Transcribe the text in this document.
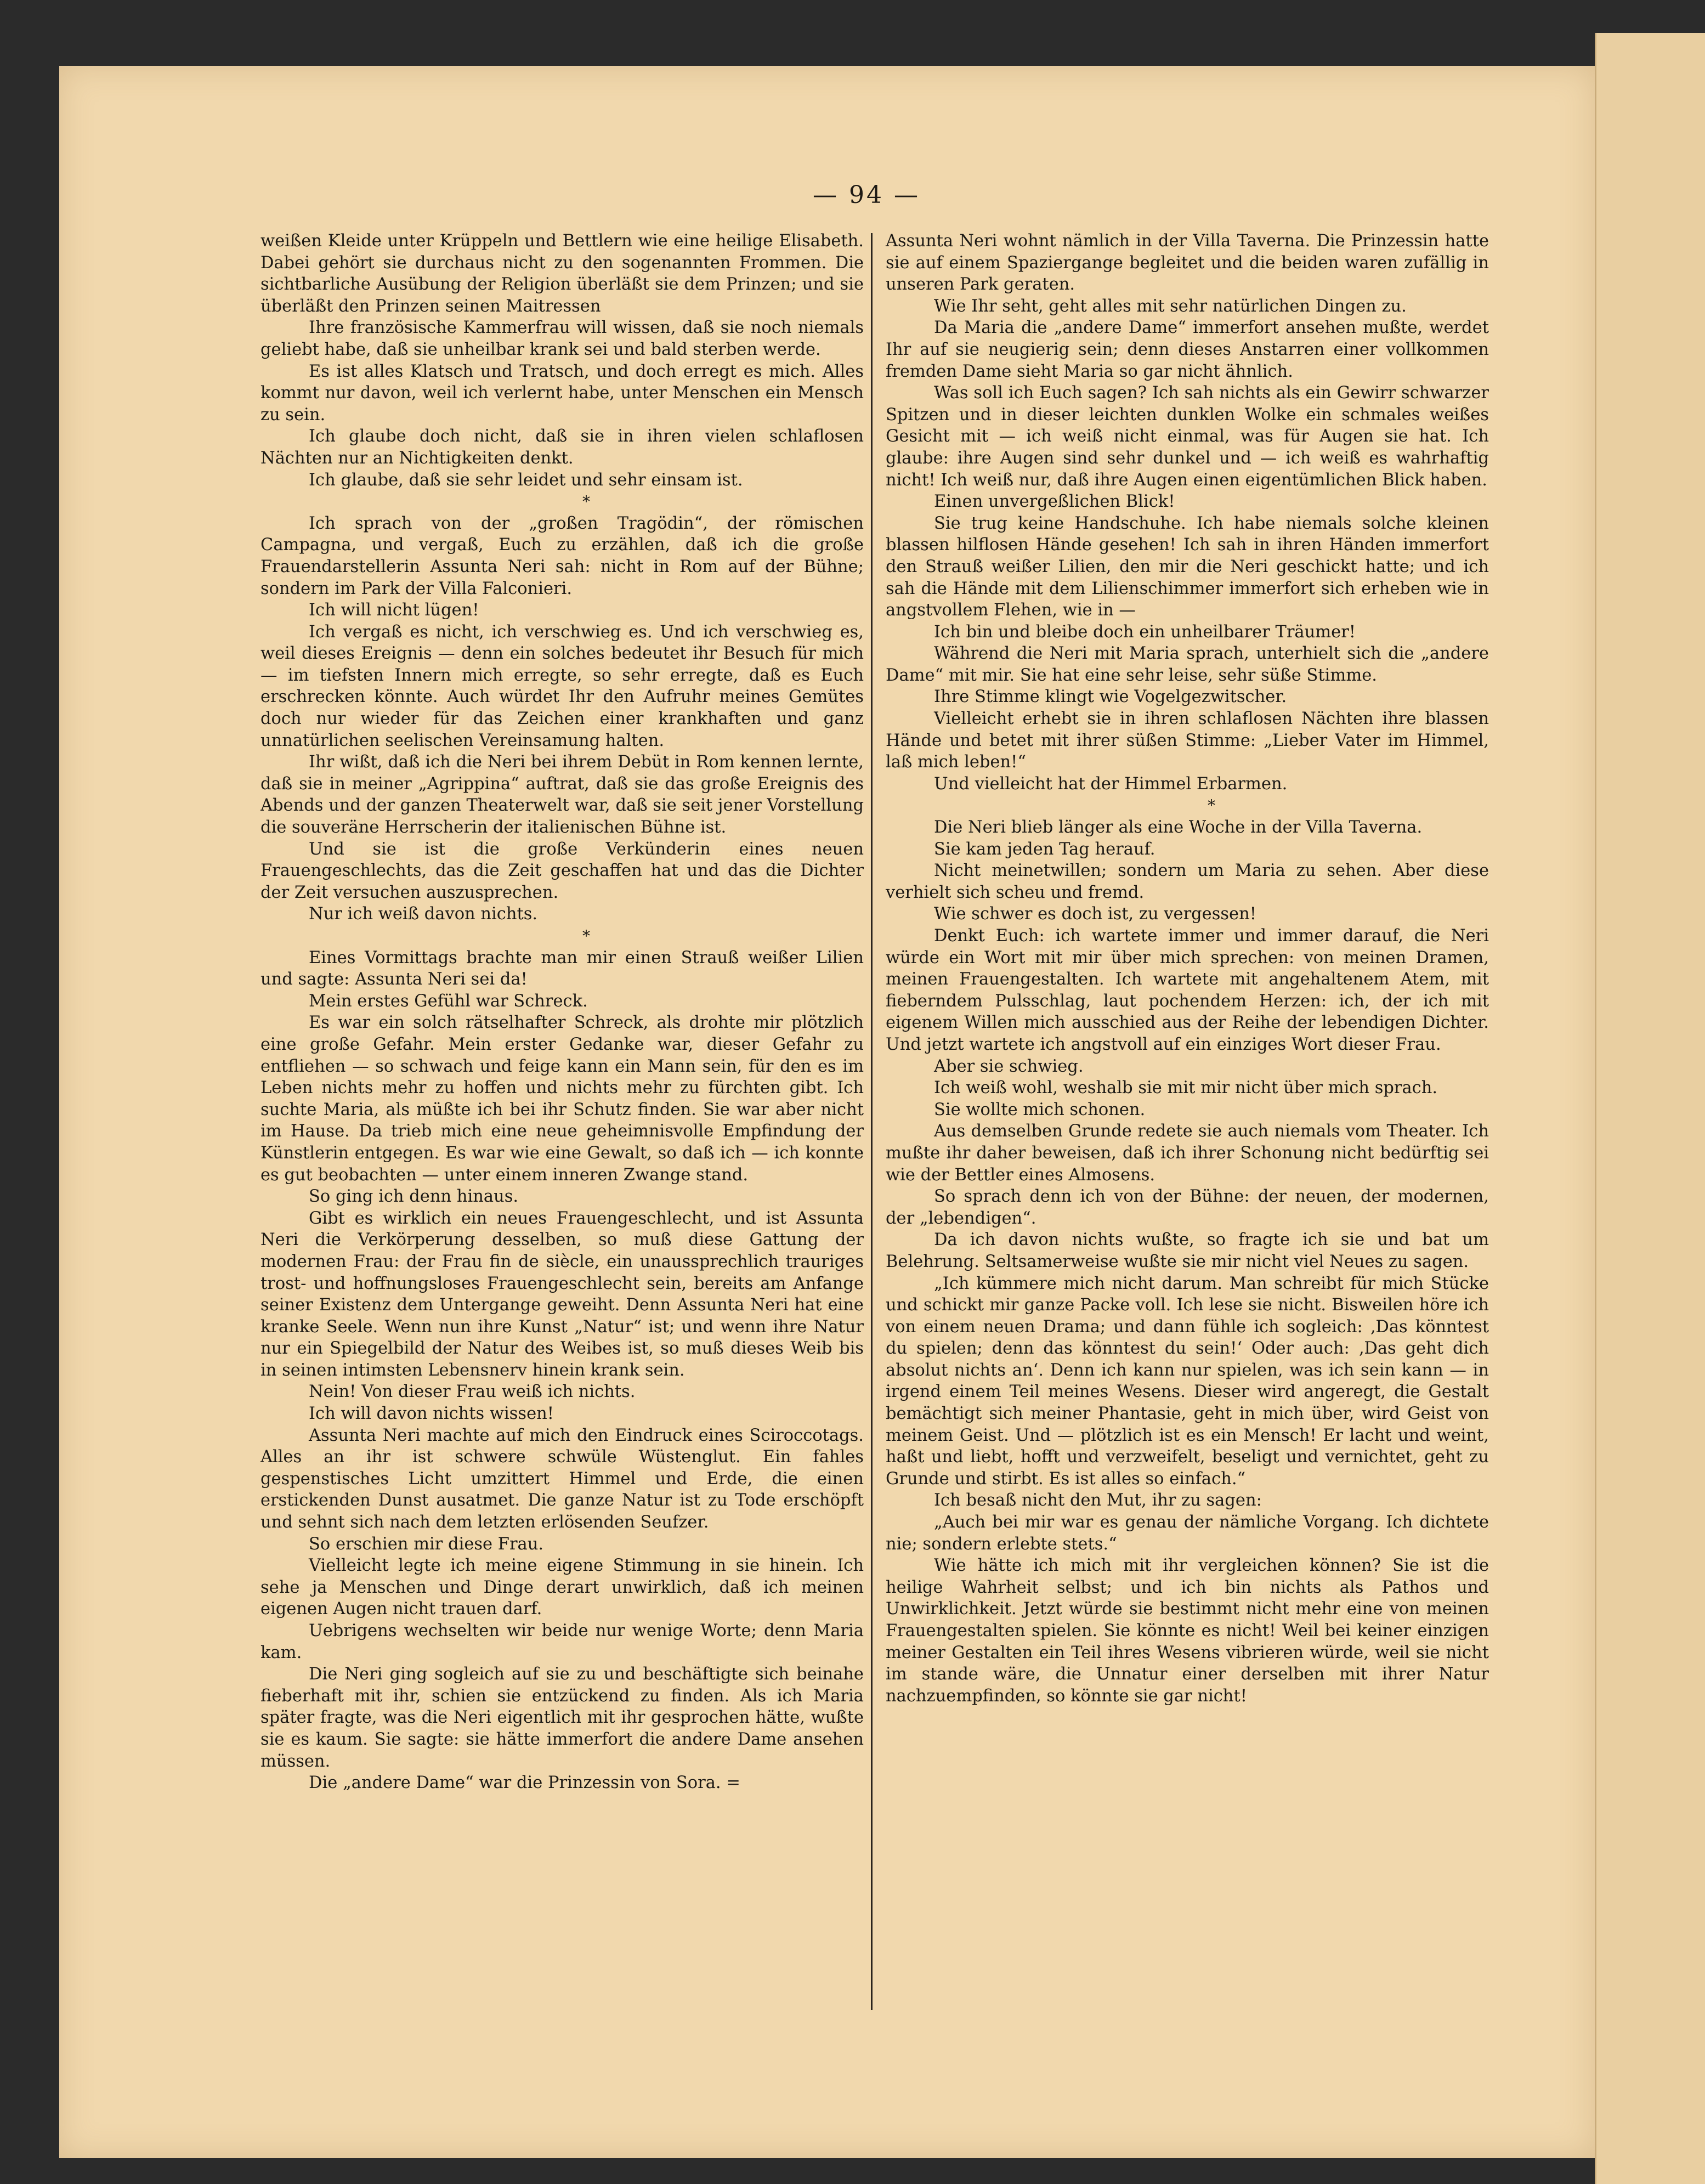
— 94 —

weißen Kleide unter Krüppeln und Bettlern wie eine heilige Elisabeth. Dabei gehört sie durchaus nicht zu den sogenannten Frommen. Die sichtbarliche Ausübung der Religion überläßt sie dem Prinzen; und sie überläßt den Prinzen seinen Maitressen

Ihre französische Kammerfrau will wissen, daß sie noch niemals geliebt habe, daß sie unheilbar krank sei und bald sterben werde.

Es ist alles Klatsch und Tratsch, und doch erregt es mich. Alles kommt nur davon, weil ich verlernt habe, unter Menschen ein Mensch zu sein.

Ich glaube doch nicht, daß sie in ihren vielen schlaflosen Nächten nur an Nichtigkeiten denkt.

Ich glaube, daß sie sehr leidet und sehr einsam ist.

*

Ich sprach von der „großen Tragödin“, der römischen Campagna, und vergaß, Euch zu erzählen, daß ich die große Frauendarstellerin Assunta Neri sah: nicht in Rom auf der Bühne; sondern im Park der Villa Falconieri.

Ich will nicht lügen!

Ich vergaß es nicht, ich verschwieg es. Und ich verschwieg es, weil dieses Ereignis — denn ein solches bedeutet ihr Besuch für mich — im tiefsten Innern mich erregte, so sehr erregte, daß es Euch erschrecken könnte. Auch würdet Ihr den Aufruhr meines Gemütes doch nur wieder für das Zeichen einer krankhaften und ganz unnatürlichen seelischen Vereinsamung halten.

Ihr wißt, daß ich die Neri bei ihrem Debüt in Rom kennen lernte, daß sie in meiner „Agrippina“ auftrat, daß sie das große Ereignis des Abends und der ganzen Theaterwelt war, daß sie seit jener Vorstellung die souveräne Herrscherin der italienischen Bühne ist.

Und sie ist die große Verkünderin eines neuen Frauengeschlechts, das die Zeit geschaffen hat und das die Dichter der Zeit versuchen auszusprechen.

Nur ich weiß davon nichts.

*

Eines Vormittags brachte man mir einen Strauß weißer Lilien und sagte: Assunta Neri sei da!

Mein erstes Gefühl war Schreck.

Es war ein solch rätselhafter Schreck, als drohte mir plötzlich eine große Gefahr. Mein erster Gedanke war, dieser Gefahr zu entfliehen — so schwach und feige kann ein Mann sein, für den es im Leben nichts mehr zu hoffen und nichts mehr zu fürchten gibt. Ich suchte Maria, als müßte ich bei ihr Schutz finden. Sie war aber nicht im Hause. Da trieb mich eine neue geheimnisvolle Empfindung der Künstlerin entgegen. Es war wie eine Gewalt, so daß ich — ich konnte es gut beobachten — unter einem inneren Zwange stand.

So ging ich denn hinaus.

Gibt es wirklich ein neues Frauengeschlecht, und ist Assunta Neri die Verkörperung desselben, so muß diese Gattung der modernen Frau: der Frau fin de siècle, ein unaussprechlich trauriges trost- und hoffnungsloses Frauengeschlecht sein, bereits am Anfange seiner Existenz dem Untergange geweiht. Denn Assunta Neri hat eine kranke Seele. Wenn nun ihre Kunst „Natur“ ist; und wenn ihre Natur nur ein Spiegelbild der Natur des Weibes ist, so muß dieses Weib bis in seinen intimsten Lebensnerv hinein krank sein.

Nein! Von dieser Frau weiß ich nichts.

Ich will davon nichts wissen!

Assunta Neri machte auf mich den Eindruck eines Sciroccotags. Alles an ihr ist schwere schwüle Wüstenglut. Ein fahles gespenstisches Licht umzittert Himmel und Erde, die einen erstickenden Dunst ausatmet. Die ganze Natur ist zu Tode erschöpft und sehnt sich nach dem letzten erlösenden Seufzer.

So erschien mir diese Frau.

Vielleicht legte ich meine eigene Stimmung in sie hinein. Ich sehe ja Menschen und Dinge derart unwirklich, daß ich meinen eigenen Augen nicht trauen darf.

Uebrigens wechselten wir beide nur wenige Worte; denn Maria kam.

Die Neri ging sogleich auf sie zu und beschäftigte sich beinahe fieberhaft mit ihr, schien sie entzückend zu finden. Als ich Maria später fragte, was die Neri eigentlich mit ihr gesprochen hätte, wußte sie es kaum. Sie sagte: sie hätte immerfort die andere Dame ansehen müssen.

Die „andere Dame“ war die Prinzessin von Sora. =

Assunta Neri wohnt nämlich in der Villa Taverna. Die Prinzessin hatte sie auf einem Spaziergange begleitet und die beiden waren zufällig in unseren Park geraten.

Wie Ihr seht, geht alles mit sehr natürlichen Dingen zu.

Da Maria die „andere Dame“ immerfort ansehen mußte, werdet Ihr auf sie neugierig sein; denn dieses Anstarren einer vollkommen fremden Dame sieht Maria so gar nicht ähnlich.

Was soll ich Euch sagen? Ich sah nichts als ein Gewirr schwarzer Spitzen und in dieser leichten dunklen Wolke ein schmales weißes Gesicht mit — ich weiß nicht einmal, was für Augen sie hat. Ich glaube: ihre Augen sind sehr dunkel und — ich weiß es wahrhaftig nicht! Ich weiß nur, daß ihre Augen einen eigentümlichen Blick haben.

Einen unvergeßlichen Blick!

Sie trug keine Handschuhe. Ich habe niemals solche kleinen blassen hilflosen Hände gesehen! Ich sah in ihren Händen immerfort den Strauß weißer Lilien, den mir die Neri geschickt hatte; und ich sah die Hände mit dem Lilienschimmer immerfort sich erheben wie in angstvollem Flehen, wie in —

Ich bin und bleibe doch ein unheilbarer Träumer!

Während die Neri mit Maria sprach, unterhielt sich die „andere Dame“ mit mir. Sie hat eine sehr leise, sehr süße Stimme.

Ihre Stimme klingt wie Vogelgezwitscher.

Vielleicht erhebt sie in ihren schlaflosen Nächten ihre blassen Hände und betet mit ihrer süßen Stimme: „Lieber Vater im Himmel, laß mich leben!“

Und vielleicht hat der Himmel Erbarmen.

*

Die Neri blieb länger als eine Woche in der Villa Taverna.

Sie kam jeden Tag herauf.

Nicht meinetwillen; sondern um Maria zu sehen. Aber diese verhielt sich scheu und fremd.

Wie schwer es doch ist, zu vergessen!

Denkt Euch: ich wartete immer und immer darauf, die Neri würde ein Wort mit mir über mich sprechen: von meinen Dramen, meinen Frauengestalten. Ich wartete mit angehaltenem Atem, mit fieberndem Pulsschlag, laut pochendem Herzen: ich, der ich mit eigenem Willen mich ausschied aus der Reihe der lebendigen Dichter. Und jetzt wartete ich angstvoll auf ein einziges Wort dieser Frau.

Aber sie schwieg.

Ich weiß wohl, weshalb sie mit mir nicht über mich sprach.

Sie wollte mich schonen.

Aus demselben Grunde redete sie auch niemals vom Theater. Ich mußte ihr daher beweisen, daß ich ihrer Schonung nicht bedürftig sei wie der Bettler eines Almosens.

So sprach denn ich von der Bühne: der neuen, der modernen, der „lebendigen“.

Da ich davon nichts wußte, so fragte ich sie und bat um Belehrung. Seltsamerweise wußte sie mir nicht viel Neues zu sagen.

„Ich kümmere mich nicht darum. Man schreibt für mich Stücke und schickt mir ganze Packe voll. Ich lese sie nicht. Bisweilen höre ich von einem neuen Drama; und dann fühle ich sogleich: ‚Das könntest du spielen; denn das könntest du sein!‘ Oder auch: ‚Das geht dich absolut nichts an‘. Denn ich kann nur spielen, was ich sein kann — in irgend einem Teil meines Wesens. Dieser wird angeregt, die Gestalt bemächtigt sich meiner Phantasie, geht in mich über, wird Geist von meinem Geist. Und — plötzlich ist es ein Mensch! Er lacht und weint, haßt und liebt, hofft und verzweifelt, beseligt und vernichtet, geht zu Grunde und stirbt. Es ist alles so einfach.“

Ich besaß nicht den Mut, ihr zu sagen:

„Auch bei mir war es genau der nämliche Vorgang. Ich dichtete nie; sondern erlebte stets.“

Wie hätte ich mich mit ihr vergleichen können? Sie ist die heilige Wahrheit selbst; und ich bin nichts als Pathos und Unwirklichkeit. Jetzt würde sie bestimmt nicht mehr eine von meinen Frauengestalten spielen. Sie könnte es nicht! Weil bei keiner einzigen meiner Gestalten ein Teil ihres Wesens vibrieren würde, weil sie nicht im stande wäre, die Unnatur einer derselben mit ihrer Natur nachzuempfinden, so könnte sie gar nicht!
